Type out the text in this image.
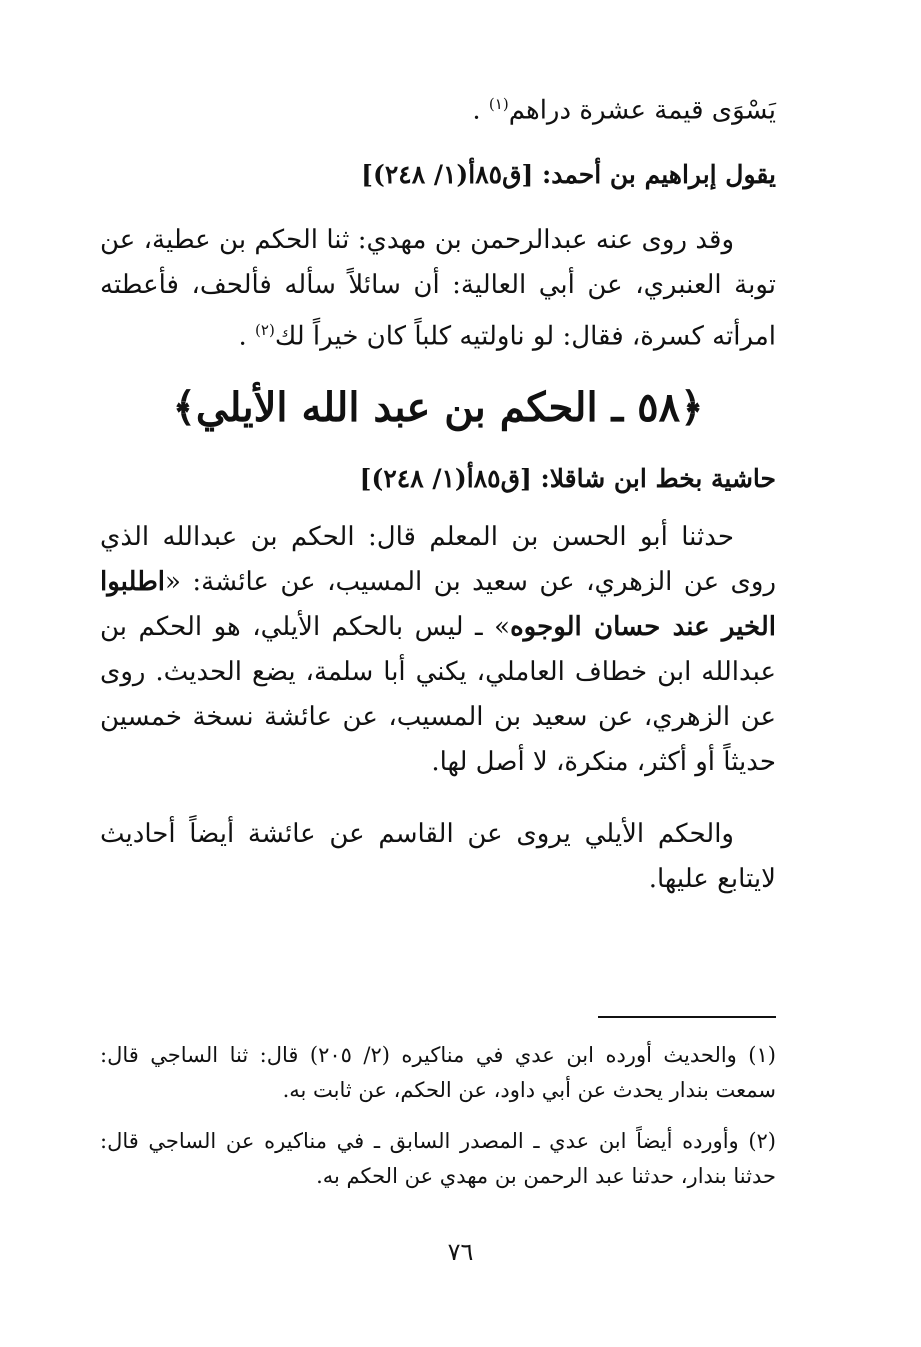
يَسْوَى قيمة عشرة دراهم$^{(١)}$ .

يقول إبراهيم بن أحمد: [ق٨٥أ(١/ ٢٤٨)]

وقد روى عنه عبدالرحمن بن مهدي: ثنا الحكم بن عطية، عن توبة العنبري، عن أبي العالية: أن سائلاً سأله فألحف، فأعطته امرأته كسرة، فقال: لو ناولتيه كلباً كان خيراً لك$^{(٢)}$ .

﴿٥٨ ـ الحكم بن عبد الله الأيلي﴾

حاشية بخط ابن شاقلا: [ق٨٥أ(١/ ٢٤٨)]

حدثنا أبو الحسن بن المعلم قال: الحكم بن عبدالله الذي روى عن الزهري، عن سعيد بن المسيب، عن عائشة: «اطلبوا الخير عند حسان الوجوه» ـ ليس بالحكم الأيلي، هو الحكم بن عبدالله ابن خطاف العاملي، يكني أبا سلمة، يضع الحديث. روى عن الزهري، عن سعيد بن المسيب، عن عائشة نسخة خمسين حديثاً أو أكثر، منكرة، لا أصل لها.

والحكم الأيلي يروى عن القاسم عن عائشة أيضاً أحاديث لايتابع عليها.

(١) والحديث أورده ابن عدي في مناكيره (٢/ ٢٠٥) قال: ثنا الساجي قال: سمعت بندار يحدث عن أبي داود، عن الحكم، عن ثابت به.

(٢) وأورده أيضاً ابن عدي ـ المصدر السابق ـ في مناكيره عن الساجي قال: حدثنا بندار، حدثنا عبد الرحمن بن مهدي عن الحكم به.

٧٦
